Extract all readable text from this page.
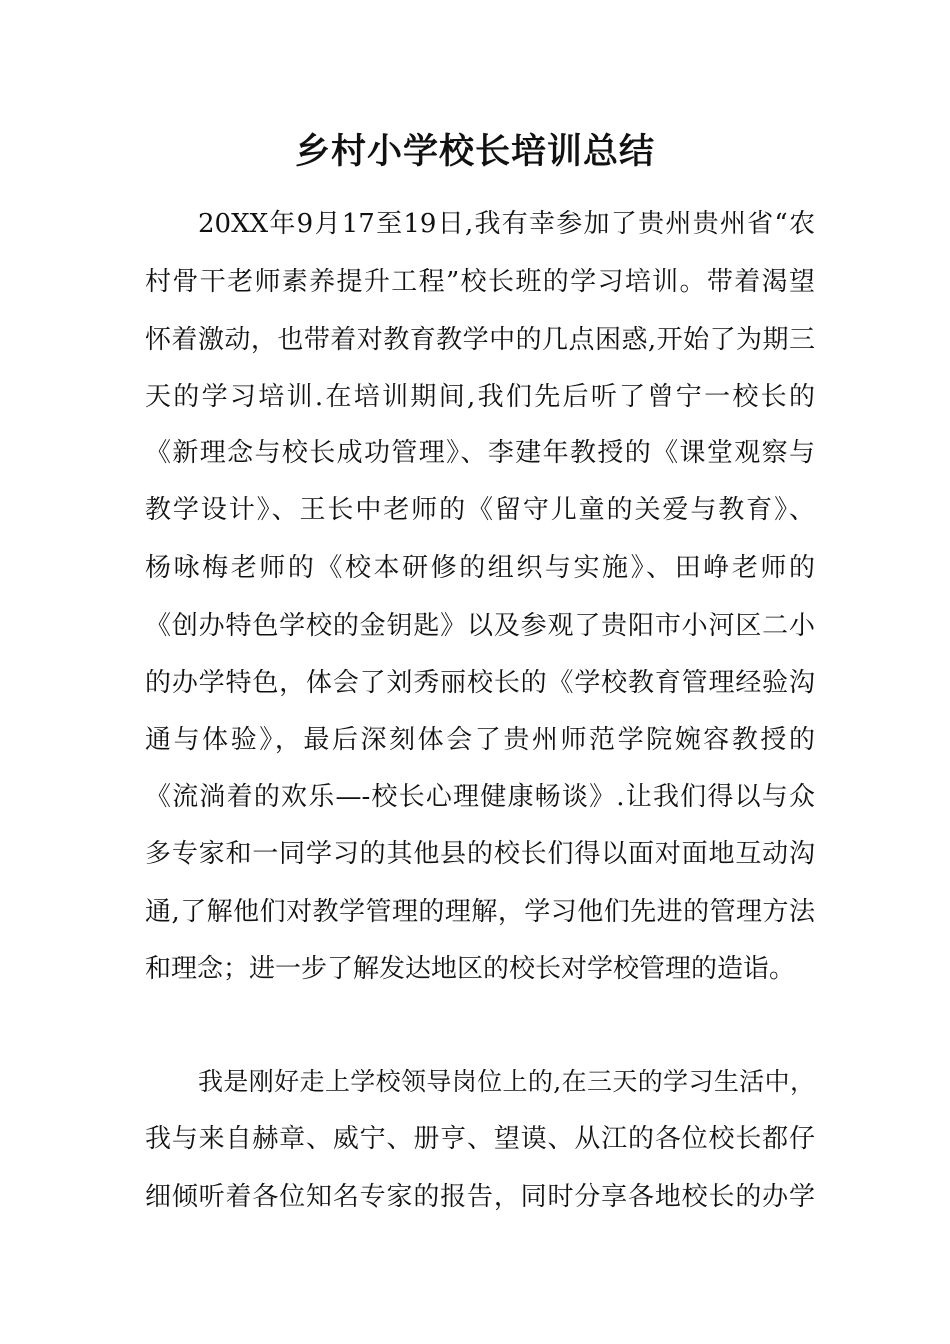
乡村小学校长培训总结
20XX年9月17至19日,我有幸参加了贵州贵州省“农
村骨干老师素养提升工程”校长班的学习培训。带着渴望
怀着激动，也带着对教育教学中的几点困惑,开始了为期三
天的学习培训.在培训期间,我们先后听了曾宁一校长的
《新理念与校长成功管理》、李建年教授的《课堂观察与
教学设计》、王长中老师的《留守儿童的关爱与教育》、
杨咏梅老师的《校本研修的组织与实施》、田峥老师的
《创办特色学校的金钥匙》以及参观了贵阳市小河区二小
的办学特色，体会了刘秀丽校长的《学校教育管理经验沟
通与体验》，最后深刻体会了贵州师范学院婉容教授的
《流淌着的欢乐—-校长心理健康畅谈》.让我们得以与众
多专家和一同学习的其他县的校长们得以面对面地互动沟
通,了解他们对教学管理的理解，学习他们先进的管理方法
和理念；进一步了解发达地区的校长对学校管理的造诣。
我是刚好走上学校领导岗位上的,在三天的学习生活中，
我与来自赫章、威宁、册亨、望谟、从江的各位校长都仔
细倾听着各位知名专家的报告，同时分享各地校长的办学
